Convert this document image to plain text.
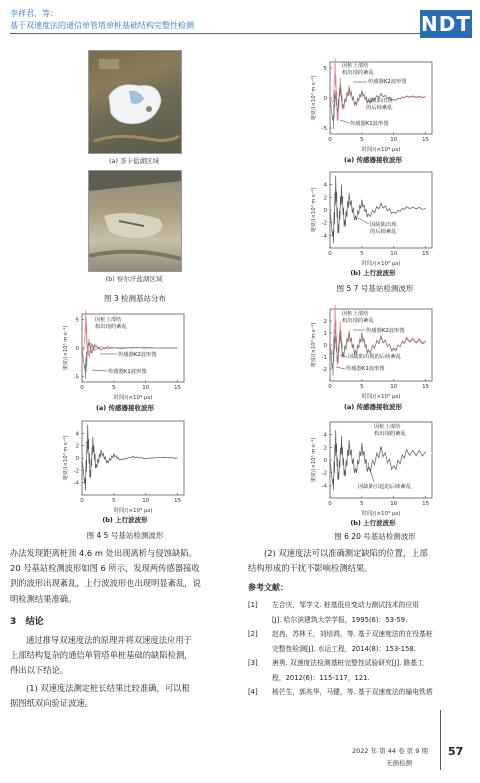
李祥君，等：
基于双速度法的通信单管塔单桩基础结构完整性检测	NDT
(a) 茶卡盐湖区域
(b) 察尔汗盐湖区域
图 3 检测基站分布
-5
0
5
0	5	10	15
时间/(×10³ μs)
速度/(×10³ m·s⁻¹)
因桩上部结
构出现的紊乱
传感器K2波形图
传感器K1波形图
(a) 传感器接收波形
-4
-2
0
2
4
0	5	10	15
时间/(×10³ μs)
速度/(×10³ m·s⁻¹)
(b) 上行波波形
图 4 5 号基站检测波形
-5
0
5
0	5	10	15
时间/(×10³ μs)
速度/(×10³ m·s⁻¹)
因桩上部结
构出现的紊乱
传感器K2波形图
因缺陷出现
的后续紊乱
传感器K1波形图
(a) 传感器接收波形
-4
-2
0
2
4
0	5	10	15
时间/(×10³ μs)
速度/(×10³ m·s⁻¹)	因缺陷出现
的后续紊乱
(b) 上行波波形
图 5 7 号基站检测波形
-2
-1
0
1
2
0	5	10	15
时间/(×10³ μs)
速度/(×10³ m·s⁻¹)
因桩上部结
构出现的紊乱
传感器K2波形图
因缺陷出现的后续紊乱
传感器K1波形图
(a) 传感器接收波形
-4
-2
0
2
4
0	5	10	15
时间/(×10³ μs)
速度/(×10³ m·s⁻¹)
因桩上部结
构出现的紊乱
因缺陷引起的后续紊乱
(b) 上行波波形
图 6 20 号基站检测波形
办法发现距离桩顶 4.6 m 处出现离析与侵蚀缺陷。
20 号基站检测波形如图 6 所示，发现两传感器接收
到的波形出现紊乱，上行波波形也出现明显紊乱，说
明检测结果准确。
3 结论
通过推导双速度法的原理并将双速度法应用于
上部结构复杂的通信单管塔单桩基础的缺陷检测，
得出以下结论。
(1) 双速度法测定桩长结果比较准确，可以根
据图纸双向验证波速。
(2) 双速度法可以准确测定缺陷的位置，上部
结构形成的干扰不影响检测结果。
参考文献：
[1]	左合庆，邹学文. 桩基低应变动力测试技术的应用
[J]. 哈尔滨建筑大学学报，1995(6)：53-59.
[2]	赵冉，苏林王，刘培鸿，等. 基于双速度法的在役基桩
完整性检测[J]. 水运工程，2014(8)：153-158.
[3]	唐勇. 双速度法检测基桩完整性试验研究[J]. 路基工
程，2012(6)：115-117，121.
[4]	杨芒生，郭兆华，马键，等. 基于双速度法的输电铁塔
2022 年 第 44 卷 第 9 期
无损检测
57
